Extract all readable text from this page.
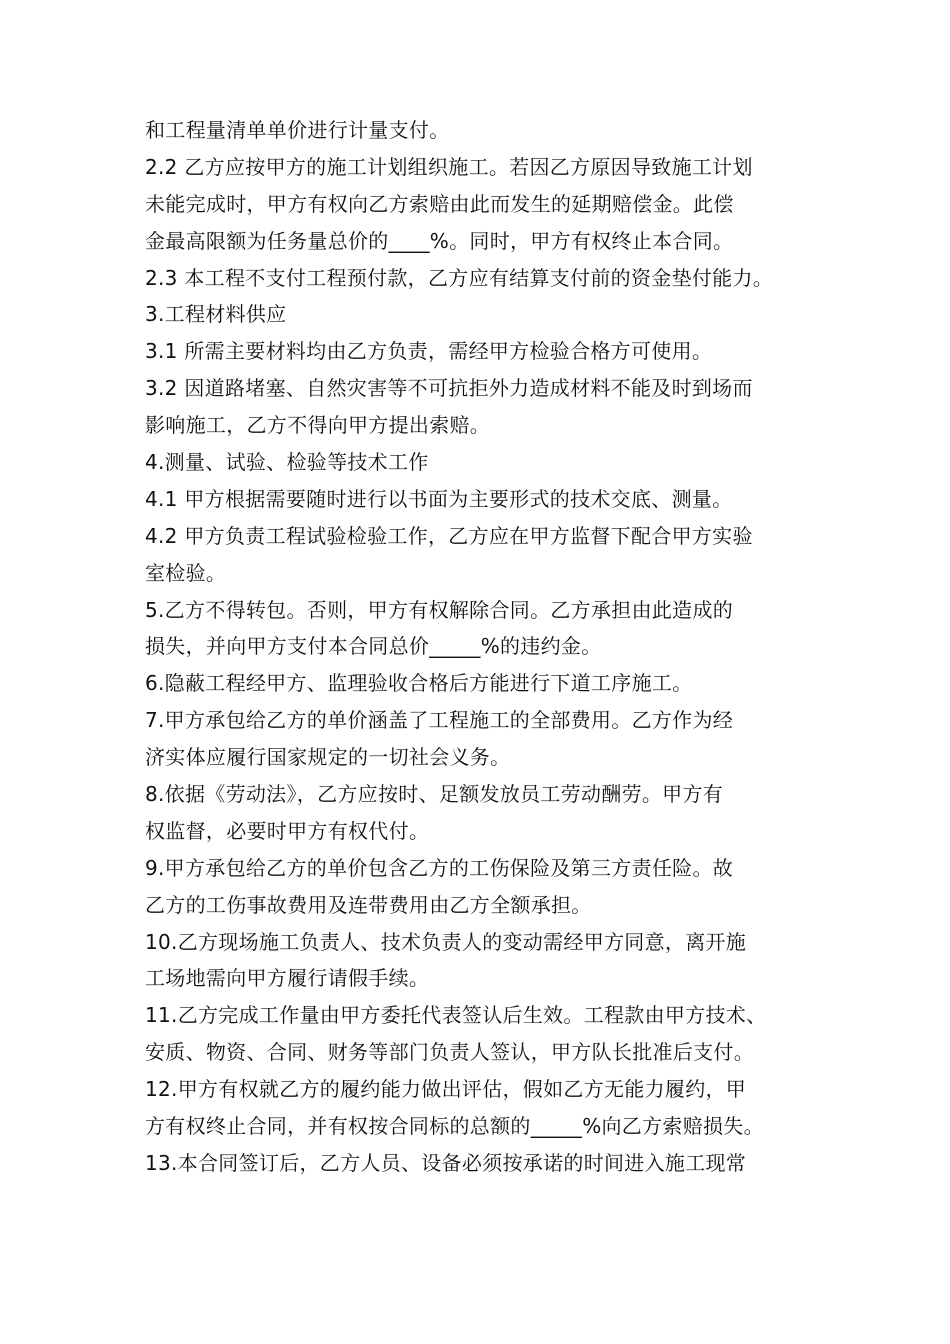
和工程量清单单价进行计量支付。
2.2 乙方应按甲方的施工计划组织施工。若因乙方原因导致施工计划
未能完成时，甲方有权向乙方索赔由此而发生的延期赔偿金。此偿
金最高限额为任务量总价的____%。同时，甲方有权终止本合同。
2.3 本工程不支付工程预付款，乙方应有结算支付前的资金垫付能力。
3.工程材料供应
3.1 所需主要材料均由乙方负责，需经甲方检验合格方可使用。
3.2 因道路堵塞、自然灾害等不可抗拒外力造成材料不能及时到场而
影响施工，乙方不得向甲方提出索赔。
4.测量、试验、检验等技术工作
4.1 甲方根据需要随时进行以书面为主要形式的技术交底、测量。
4.2 甲方负责工程试验检验工作，乙方应在甲方监督下配合甲方实验
室检验。
5.乙方不得转包。否则，甲方有权解除合同。乙方承担由此造成的
损失，并向甲方支付本合同总价_____%的违约金。
6.隐蔽工程经甲方、监理验收合格后方能进行下道工序施工。
7.甲方承包给乙方的单价涵盖了工程施工的全部费用。乙方作为经
济实体应履行国家规定的一切社会义务。
8.依据《劳动法》，乙方应按时、足额发放员工劳动酬劳。甲方有
权监督，必要时甲方有权代付。
9.甲方承包给乙方的单价包含乙方的工伤保险及第三方责任险。故
乙方的工伤事故费用及连带费用由乙方全额承担。
10.乙方现场施工负责人、技术负责人的变动需经甲方同意，离开施
工场地需向甲方履行请假手续。
11.乙方完成工作量由甲方委托代表签认后生效。工程款由甲方技术、
安质、物资、合同、财务等部门负责人签认，甲方队长批准后支付。
12.甲方有权就乙方的履约能力做出评估，假如乙方无能力履约，甲
方有权终止合同，并有权按合同标的总额的_____%向乙方索赔损失。
13.本合同签订后，乙方人员、设备必须按承诺的时间进入施工现常
